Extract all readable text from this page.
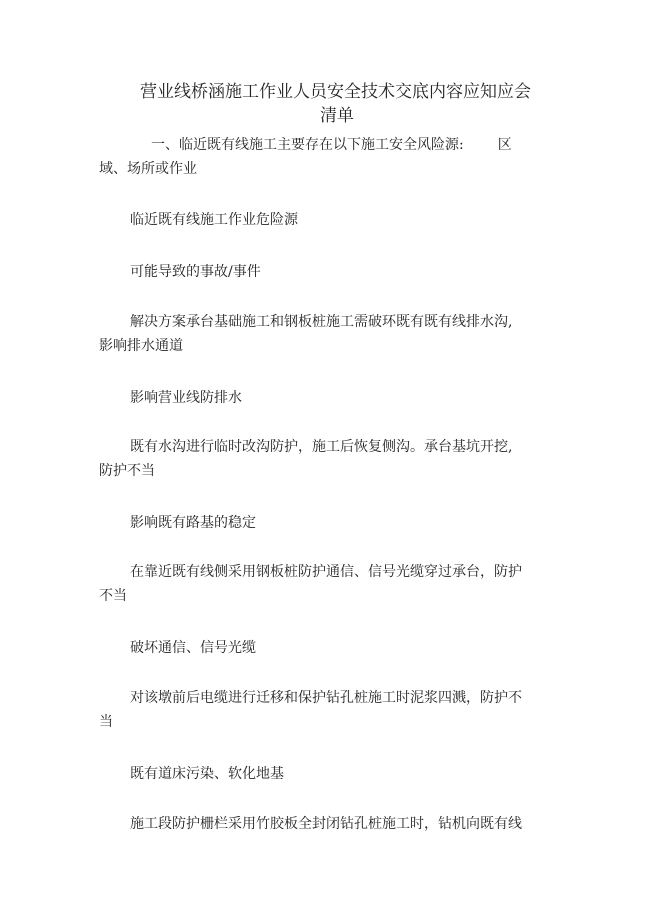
营业线桥涵施工作业人员安全技术交底内容应知应会
清单
一、临近既有线施工主要存在以下施工安全风险源: 区
域、场所或作业
临近既有线施工作业危险源
可能导致的事故/事件
解决方案承台基础施工和钢板桩施工需破环既有既有线排水沟,
影响排水通道
影响营业线防排水
既有水沟进行临时改沟防护，施工后恢复侧沟。承台基坑开挖,
防护不当
影响既有路基的稳定
在靠近既有线侧采用钢板桩防护通信、信号光缆穿过承台，防护
不当
破坏通信、信号光缆
对该墩前后电缆进行迁移和保护钻孔桩施工时泥浆四溅，防护不
当
既有道床污染、软化地基
施工段防护栅栏采用竹胶板全封闭钻孔桩施工时，钻机向既有线
